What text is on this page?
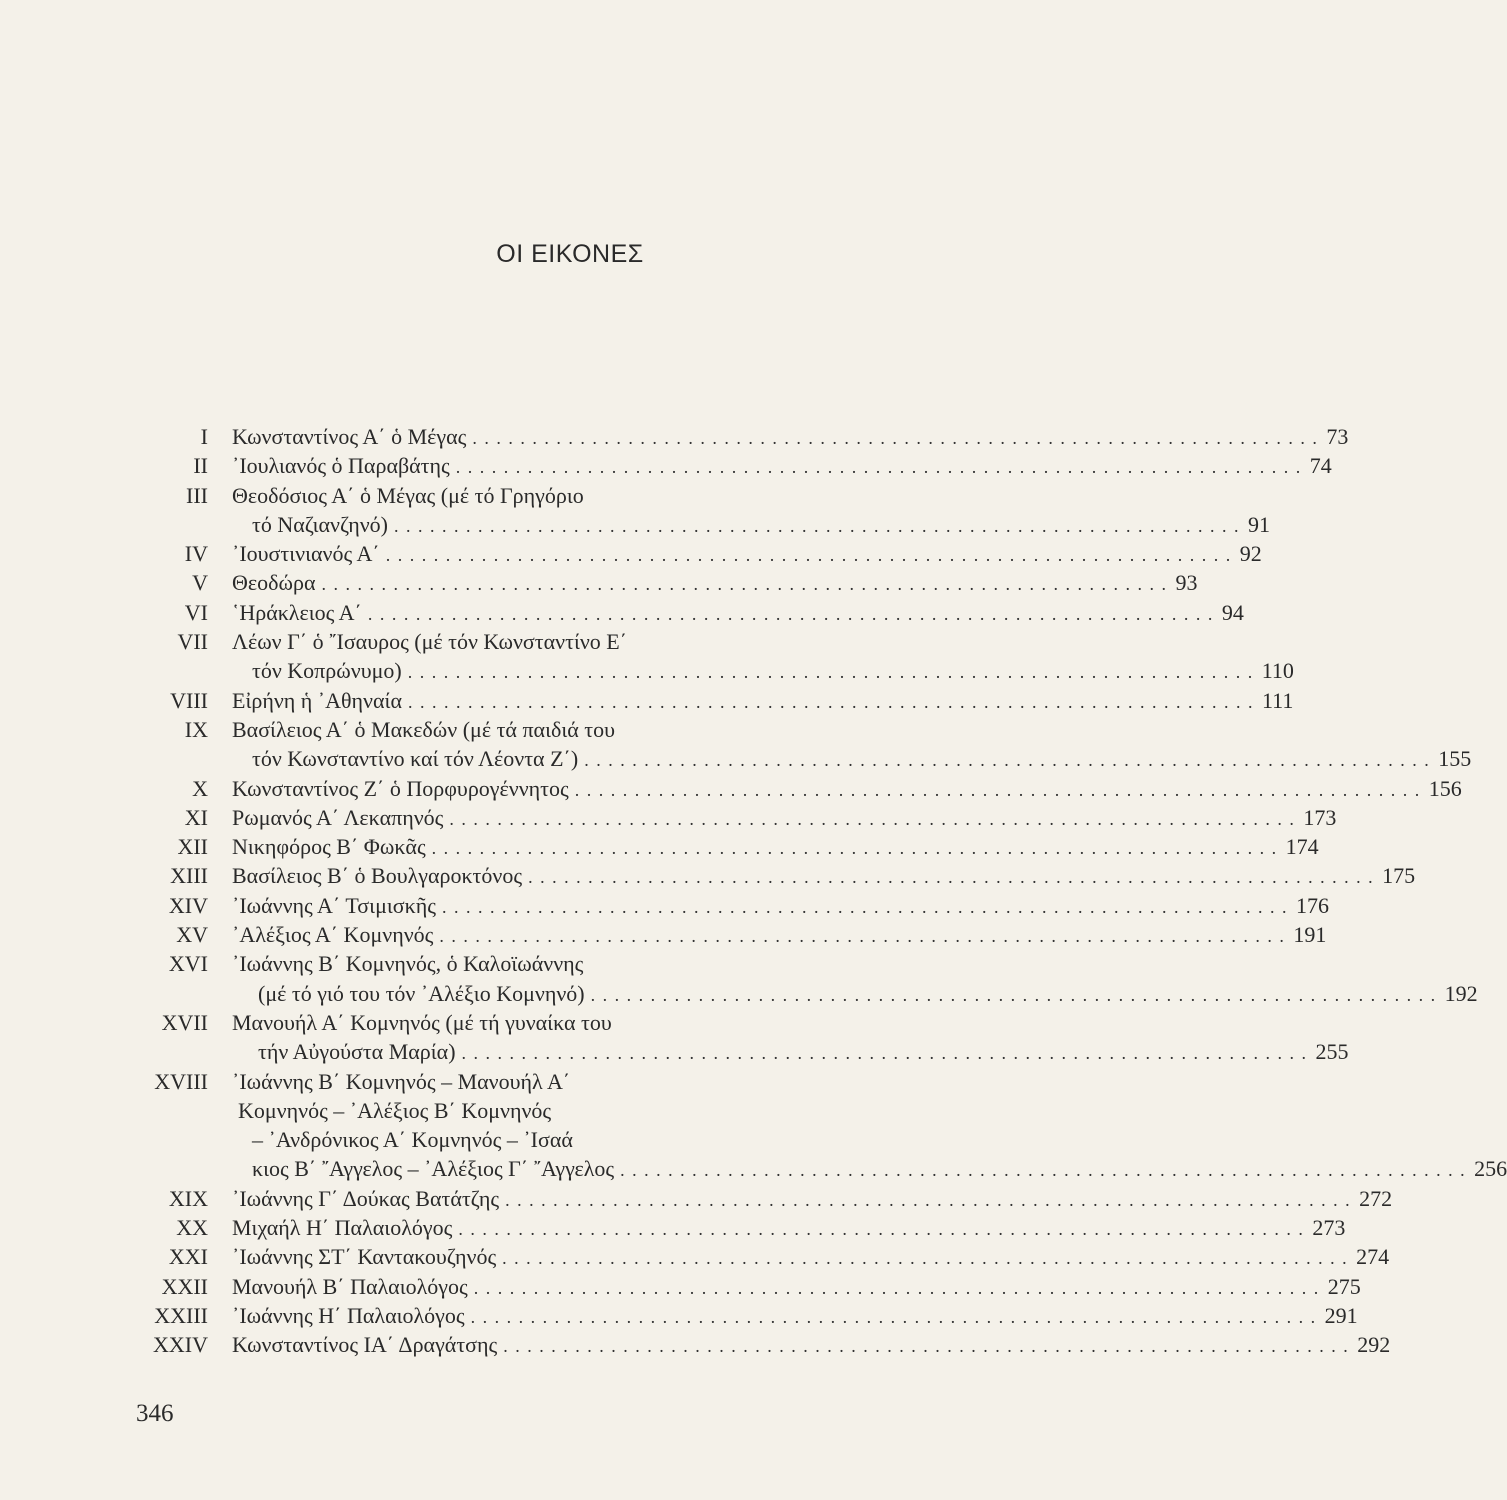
ΟΙ ΕΙΚΟΝΕΣ
I Κωνσταντίνος Α΄ ὁ Μέγας . . . . . . . . . . . . . . . . . . . . . . . . . . . . . . . . . . . . . . . . . . . . . . . . . . . . . . . . . . . . . . . . . . . . . . . 73
II ᾿Ιουλιανός ὁ Παραβάτης . . . . . . . . . . . . . . . . . . . . . . . . . . . . . . . . . . . . . . . . . . . . . . . . . . . . . . . . . . . . . . . . . . . . . . . 74
III Θεοδόσιος Α΄ ὁ Μέγας (μέ τό Γρηγόριο
τό Ναζιανζηνό) . . . . . . . . . . . . . . . . . . . . . . . . . . . . . . . . . . . . . . . . . . . . . . . . . . . . . . . . . . . . . . . . . . . . . . . 91
IV ᾿Ιουστινιανός Α΄ . . . . . . . . . . . . . . . . . . . . . . . . . . . . . . . . . . . . . . . . . . . . . . . . . . . . . . . . . . . . . . . . . . . . . . . 92
V Θεοδώρα . . . . . . . . . . . . . . . . . . . . . . . . . . . . . . . . . . . . . . . . . . . . . . . . . . . . . . . . . . . . . . . . . . . . . . . 93
VI ῾Ηράκλειος Α΄ . . . . . . . . . . . . . . . . . . . . . . . . . . . . . . . . . . . . . . . . . . . . . . . . . . . . . . . . . . . . . . . . . . . . . . . 94
VII Λέων Γ΄ ὁ ῎Ισαυρος (μέ τόν Κωνσταντίνο Ε΄
τόν Κοπρώνυμο) . . . . . . . . . . . . . . . . . . . . . . . . . . . . . . . . . . . . . . . . . . . . . . . . . . . . . . . . . . . . . . . . . . . . . . . 110
VIII Εἰρήνη ἡ ᾿Αθηναία . . . . . . . . . . . . . . . . . . . . . . . . . . . . . . . . . . . . . . . . . . . . . . . . . . . . . . . . . . . . . . . . . . . . . . . 111
IX Βασίλειος Α΄ ὁ Μακεδών (μέ τά παιδιά του
τόν Κωνσταντίνο καί τόν Λέοντα Ζ΄) . . . . . . . . . . . . . . . . . . . . . . . . . . . . . . . . . . . . . . . . . . . . . . . . . . . . . . . . . . . . . . . . . . . . . . . 155
X Κωνσταντίνος Ζ΄ ὁ Πορφυρογέννητος . . . . . . . . . . . . . . . . . . . . . . . . . . . . . . . . . . . . . . . . . . . . . . . . . . . . . . . . . . . . . . . . . . . . . . . 156
XI Ρωμανός Α΄ Λεκαπηνός . . . . . . . . . . . . . . . . . . . . . . . . . . . . . . . . . . . . . . . . . . . . . . . . . . . . . . . . . . . . . . . . . . . . . . . 173
XII Νικηφόρος Β΄ Φωκᾶς . . . . . . . . . . . . . . . . . . . . . . . . . . . . . . . . . . . . . . . . . . . . . . . . . . . . . . . . . . . . . . . . . . . . . . . 174
XIII Βασίλειος Β΄ ὁ Βουλγαροκτόνος . . . . . . . . . . . . . . . . . . . . . . . . . . . . . . . . . . . . . . . . . . . . . . . . . . . . . . . . . . . . . . . . . . . . . . . 175
XIV ᾿Ιωάννης Α΄ Τσιμισκῆς . . . . . . . . . . . . . . . . . . . . . . . . . . . . . . . . . . . . . . . . . . . . . . . . . . . . . . . . . . . . . . . . . . . . . . . 176
XV ᾿Αλέξιος Α΄ Κομνηνός . . . . . . . . . . . . . . . . . . . . . . . . . . . . . . . . . . . . . . . . . . . . . . . . . . . . . . . . . . . . . . . . . . . . . . . 191
XVI ᾿Ιωάννης Β΄ Κομνηνός, ὁ Καλοϊωάννης
(μέ τό γιό του τόν ᾿Αλέξιο Κομνηνό) . . . . . . . . . . . . . . . . . . . . . . . . . . . . . . . . . . . . . . . . . . . . . . . . . . . . . . . . . . . . . . . . . . . . . . . 192
XVII Μανουήλ Α΄ Κομνηνός (μέ τή γυναίκα του
τήν Αὐγούστα Μαρία) . . . . . . . . . . . . . . . . . . . . . . . . . . . . . . . . . . . . . . . . . . . . . . . . . . . . . . . . . . . . . . . . . . . . . . . 255
XVIII ᾿Ιωάννης Β΄ Κομνηνός – Μανουήλ Α΄
Κομνηνός – ᾿Αλέξιος Β΄ Κομνηνός
– ᾿Ανδρόνικος Α΄ Κομνηνός – ᾿Ισαά
κιος Β΄ ῎Αγγελος – ᾿Αλέξιος Γ΄ ῎Αγγελος . . . . . . . . . . . . . . . . . . . . . . . . . . . . . . . . . . . . . . . . . . . . . . . . . . . . . . . . . . . . . . . . . . . . . . . 256
XIX ᾿Ιωάννης Γ΄ Δούκας Βατάτζης . . . . . . . . . . . . . . . . . . . . . . . . . . . . . . . . . . . . . . . . . . . . . . . . . . . . . . . . . . . . . . . . . . . . . . . 272
XX Μιχαήλ Η΄ Παλαιολόγος . . . . . . . . . . . . . . . . . . . . . . . . . . . . . . . . . . . . . . . . . . . . . . . . . . . . . . . . . . . . . . . . . . . . . . . 273
XXI ᾿Ιωάννης ΣΤ΄ Καντακουζηνός . . . . . . . . . . . . . . . . . . . . . . . . . . . . . . . . . . . . . . . . . . . . . . . . . . . . . . . . . . . . . . . . . . . . . . . 274
XXII Μανουήλ Β΄ Παλαιολόγος . . . . . . . . . . . . . . . . . . . . . . . . . . . . . . . . . . . . . . . . . . . . . . . . . . . . . . . . . . . . . . . . . . . . . . . 275
XXIII ᾿Ιωάννης Η΄ Παλαιολόγος . . . . . . . . . . . . . . . . . . . . . . . . . . . . . . . . . . . . . . . . . . . . . . . . . . . . . . . . . . . . . . . . . . . . . . . 291
XXIV Κωνσταντίνος ΙΑ΄ Δραγάτσης . . . . . . . . . . . . . . . . . . . . . . . . . . . . . . . . . . . . . . . . . . . . . . . . . . . . . . . . . . . . . . . . . . . . . . . 292
346
